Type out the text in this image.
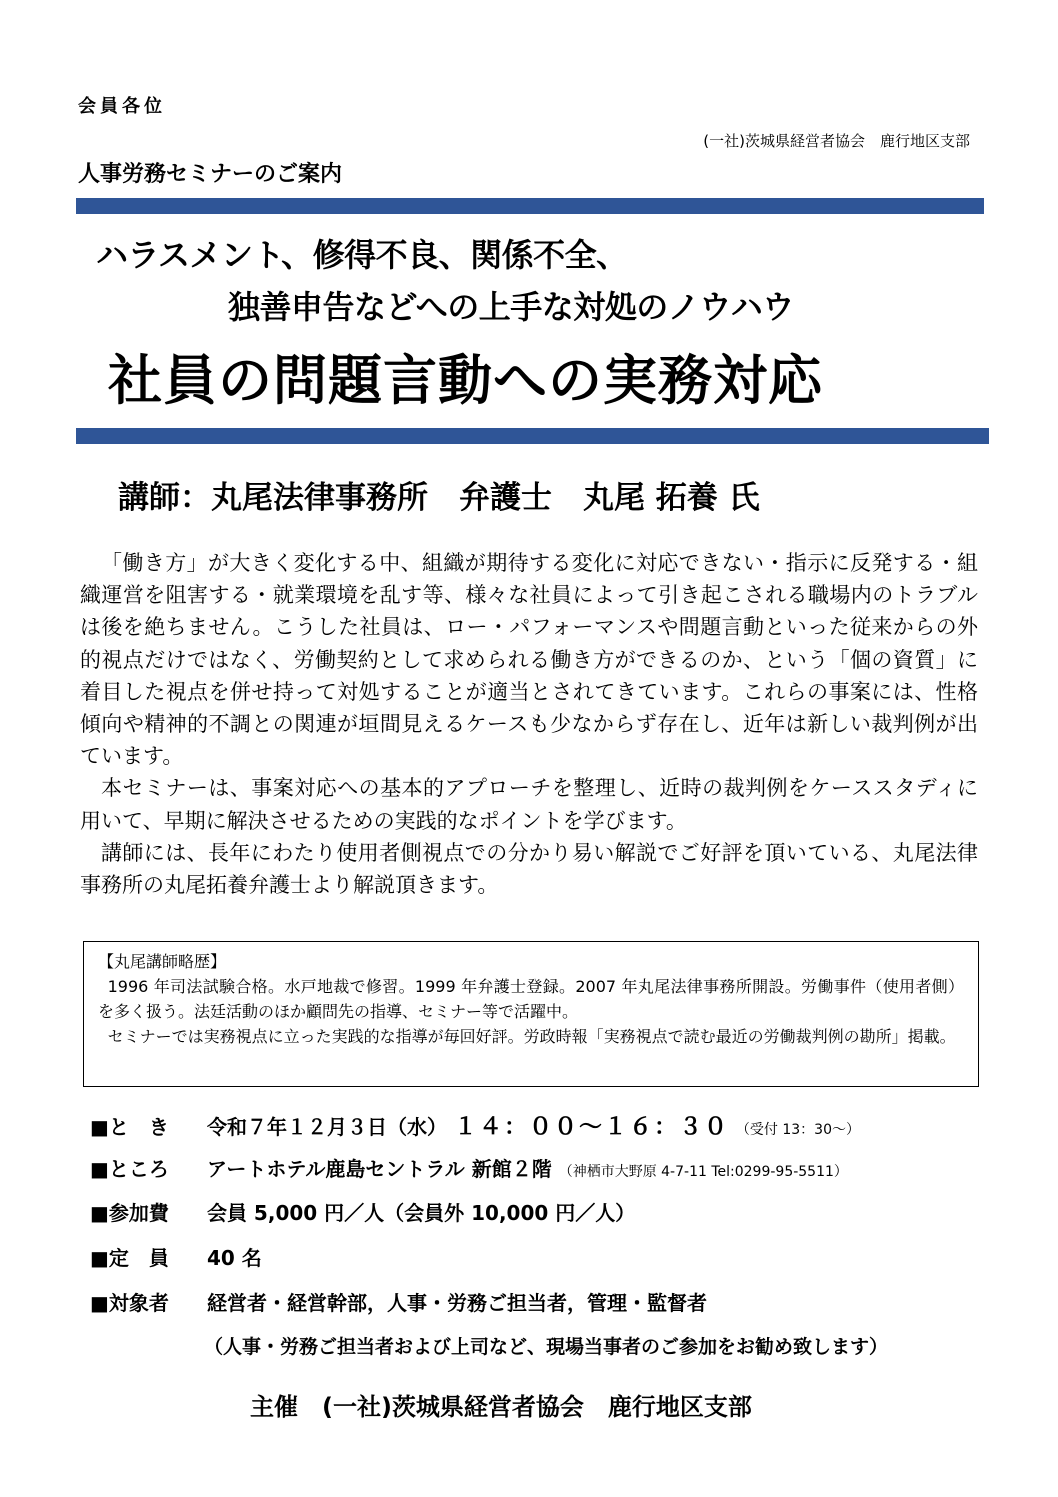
会員各位
(一社)茨城県経営者協会　鹿行地区支部
人事労務セミナーのご案内
ハラスメント、修得不良、関係不全、
独善申告などへの上手な対処のノウハウ
社員の問題言動への実務対応
講師：丸尾法律事務所　弁護士　丸尾 拓養 氏

「働き方」が大きく変化する中、組織が期待する変化に対応できない・指示に反発する・組織運営を阻害する・就業環境を乱す等、様々な社員によって引き起こされる職場内のトラブルは後を絶ちません。こうした社員は、ロー・パフォーマンスや問題言動といった従来からの外的視点だけではなく、労働契約として求められる働き方ができるのか、という「個の資質」に着目した視点を併せ持って対処することが適当とされてきています。これらの事案には、性格傾向や精神的不調との関連が垣間見えるケースも少なからず存在し、近年は新しい裁判例が出ています。

本セミナーは、事案対応への基本的アプローチを整理し、近時の裁判例をケーススタディに用いて、早期に解決させるための実践的なポイントを学びます。

講師には、長年にわたり使用者側視点での分かり易い解説でご好評を頂いている、丸尾法律事務所の丸尾拓養弁護士より解説頂きます。

【丸尾講師略歴】

1996 年司法試験合格。水戸地裁で修習。1999 年弁護士登録。2007 年丸尾法律事務所開設。労働事件（使用者側）を多く扱う。法廷活動のほか顧問先の指導、セミナー等で活躍中。

セミナーでは実務視点に立った実践的な指導が毎回好評。労政時報「実務視点で読む最近の労働裁判例の勘所」掲載。

■と　き 令和７年１２月３日（水） １４：００～１６：３０ （受付 13：30～）
■ところ アートホテル鹿島セントラル 新館２階 （神栖市大野原 4-7-11 Tel:0299-95-5511）
■参加費 会員 5,000 円／人（会員外 10,000 円／人）
■定　員 40 名
■対象者 経営者・経営幹部，人事・労務ご担当者，管理・監督者
（人事・労務ご担当者および上司など、現場当事者のご参加をお勧め致します）
主催　(一社)茨城県経営者協会　鹿行地区支部
